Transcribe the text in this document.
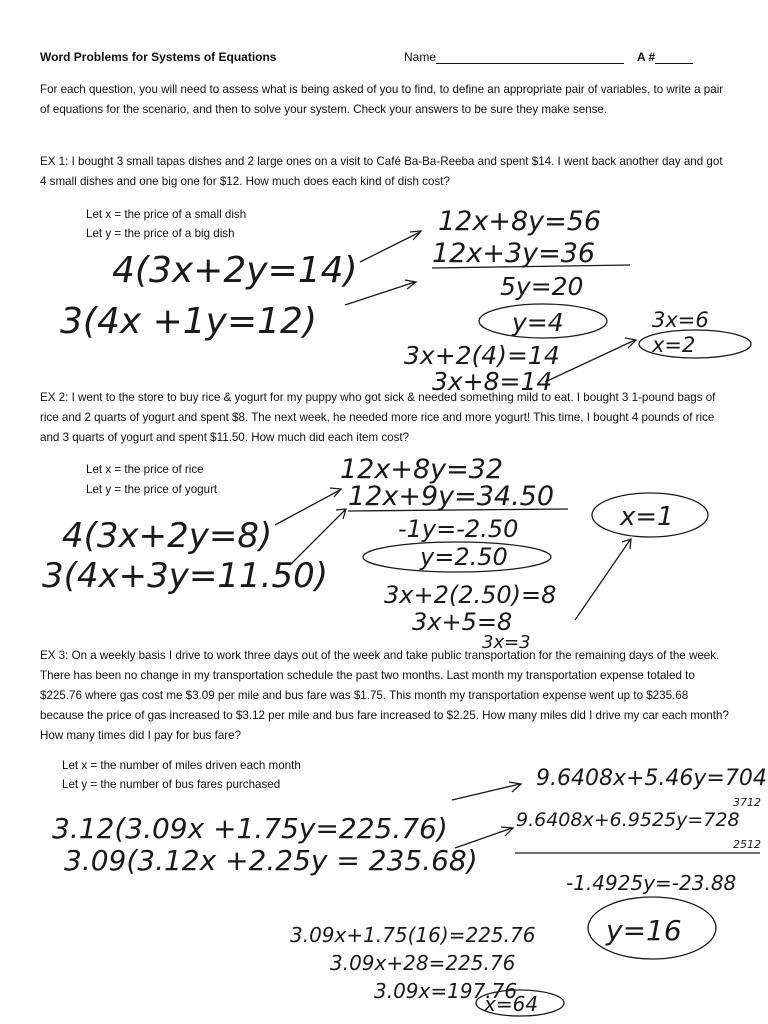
Word Problems for Systems of Equations	Name	A #
For each question, you will need to assess what is being asked of you to find, to define an appropriate pair of variables, to write a pair of equations for the scenario, and then to solve your system. Check your answers to be sure they make sense.
EX 1: I bought 3 small tapas dishes and 2 large ones on a visit to Café Ba-Ba-Reeba and spent $14. I went back another day and got 4 small dishes and one big one for $12. How much does each kind of dish cost?
Let x = the price of a small dish
Let y = the price of a big dish
EX 2: I went to the store to buy rice & yogurt for my puppy who got sick & needed something mild to eat. I bought 3 1-pound bags of rice and 2 quarts of yogurt and spent $8. The next week, he needed more rice and more yogurt! This time, I bought 4 pounds of rice and 3 quarts of yogurt and spent $11.50. How much did each item cost?
Let x = the price of rice
Let y = the price of yogurt
EX 3: On a weekly basis I drive to work three days out of the week and take public transportation for the remaining days of the week. There has been no change in my transportation schedule the past two months. Last month my transportation expense totaled to $225.76 where gas cost me $3.09 per mile and bus fare was $1.75. This month my transportation expense went up to $235.68 because the price of gas increased to $3.12 per mile and bus fare increased to $2.25. How many miles did I drive my car each month? How many times did I pay for bus fare?
Let x = the number of miles driven each month
Let y = the number of bus fares purchased
4(3x+2y=14)
3(4x +1y=12)
12x+8y=56
12x+3y=36
5y=20
y=4
3x+2(4)=14
3x+8=14
3x=6
x=2
4(3x+2y=8)
3(4x+3y=11.50)
12x+8y=32
12x+9y=34.50
-1y=-2.50
y=2.50
3x+2(2.50)=8
3x+5=8
3x=3
x=1
3.12(3.09x +1.75y=225.76)
3.09(3.12x +2.25y = 235.68)
9.6408x+5.46y=704
3712
9.6408x+6.9525y=728
2512
-1.4925y=-23.88
y=16
3.09x+1.75(16)=225.76
3.09x+28=225.76
3.09x=197.76
x=64
